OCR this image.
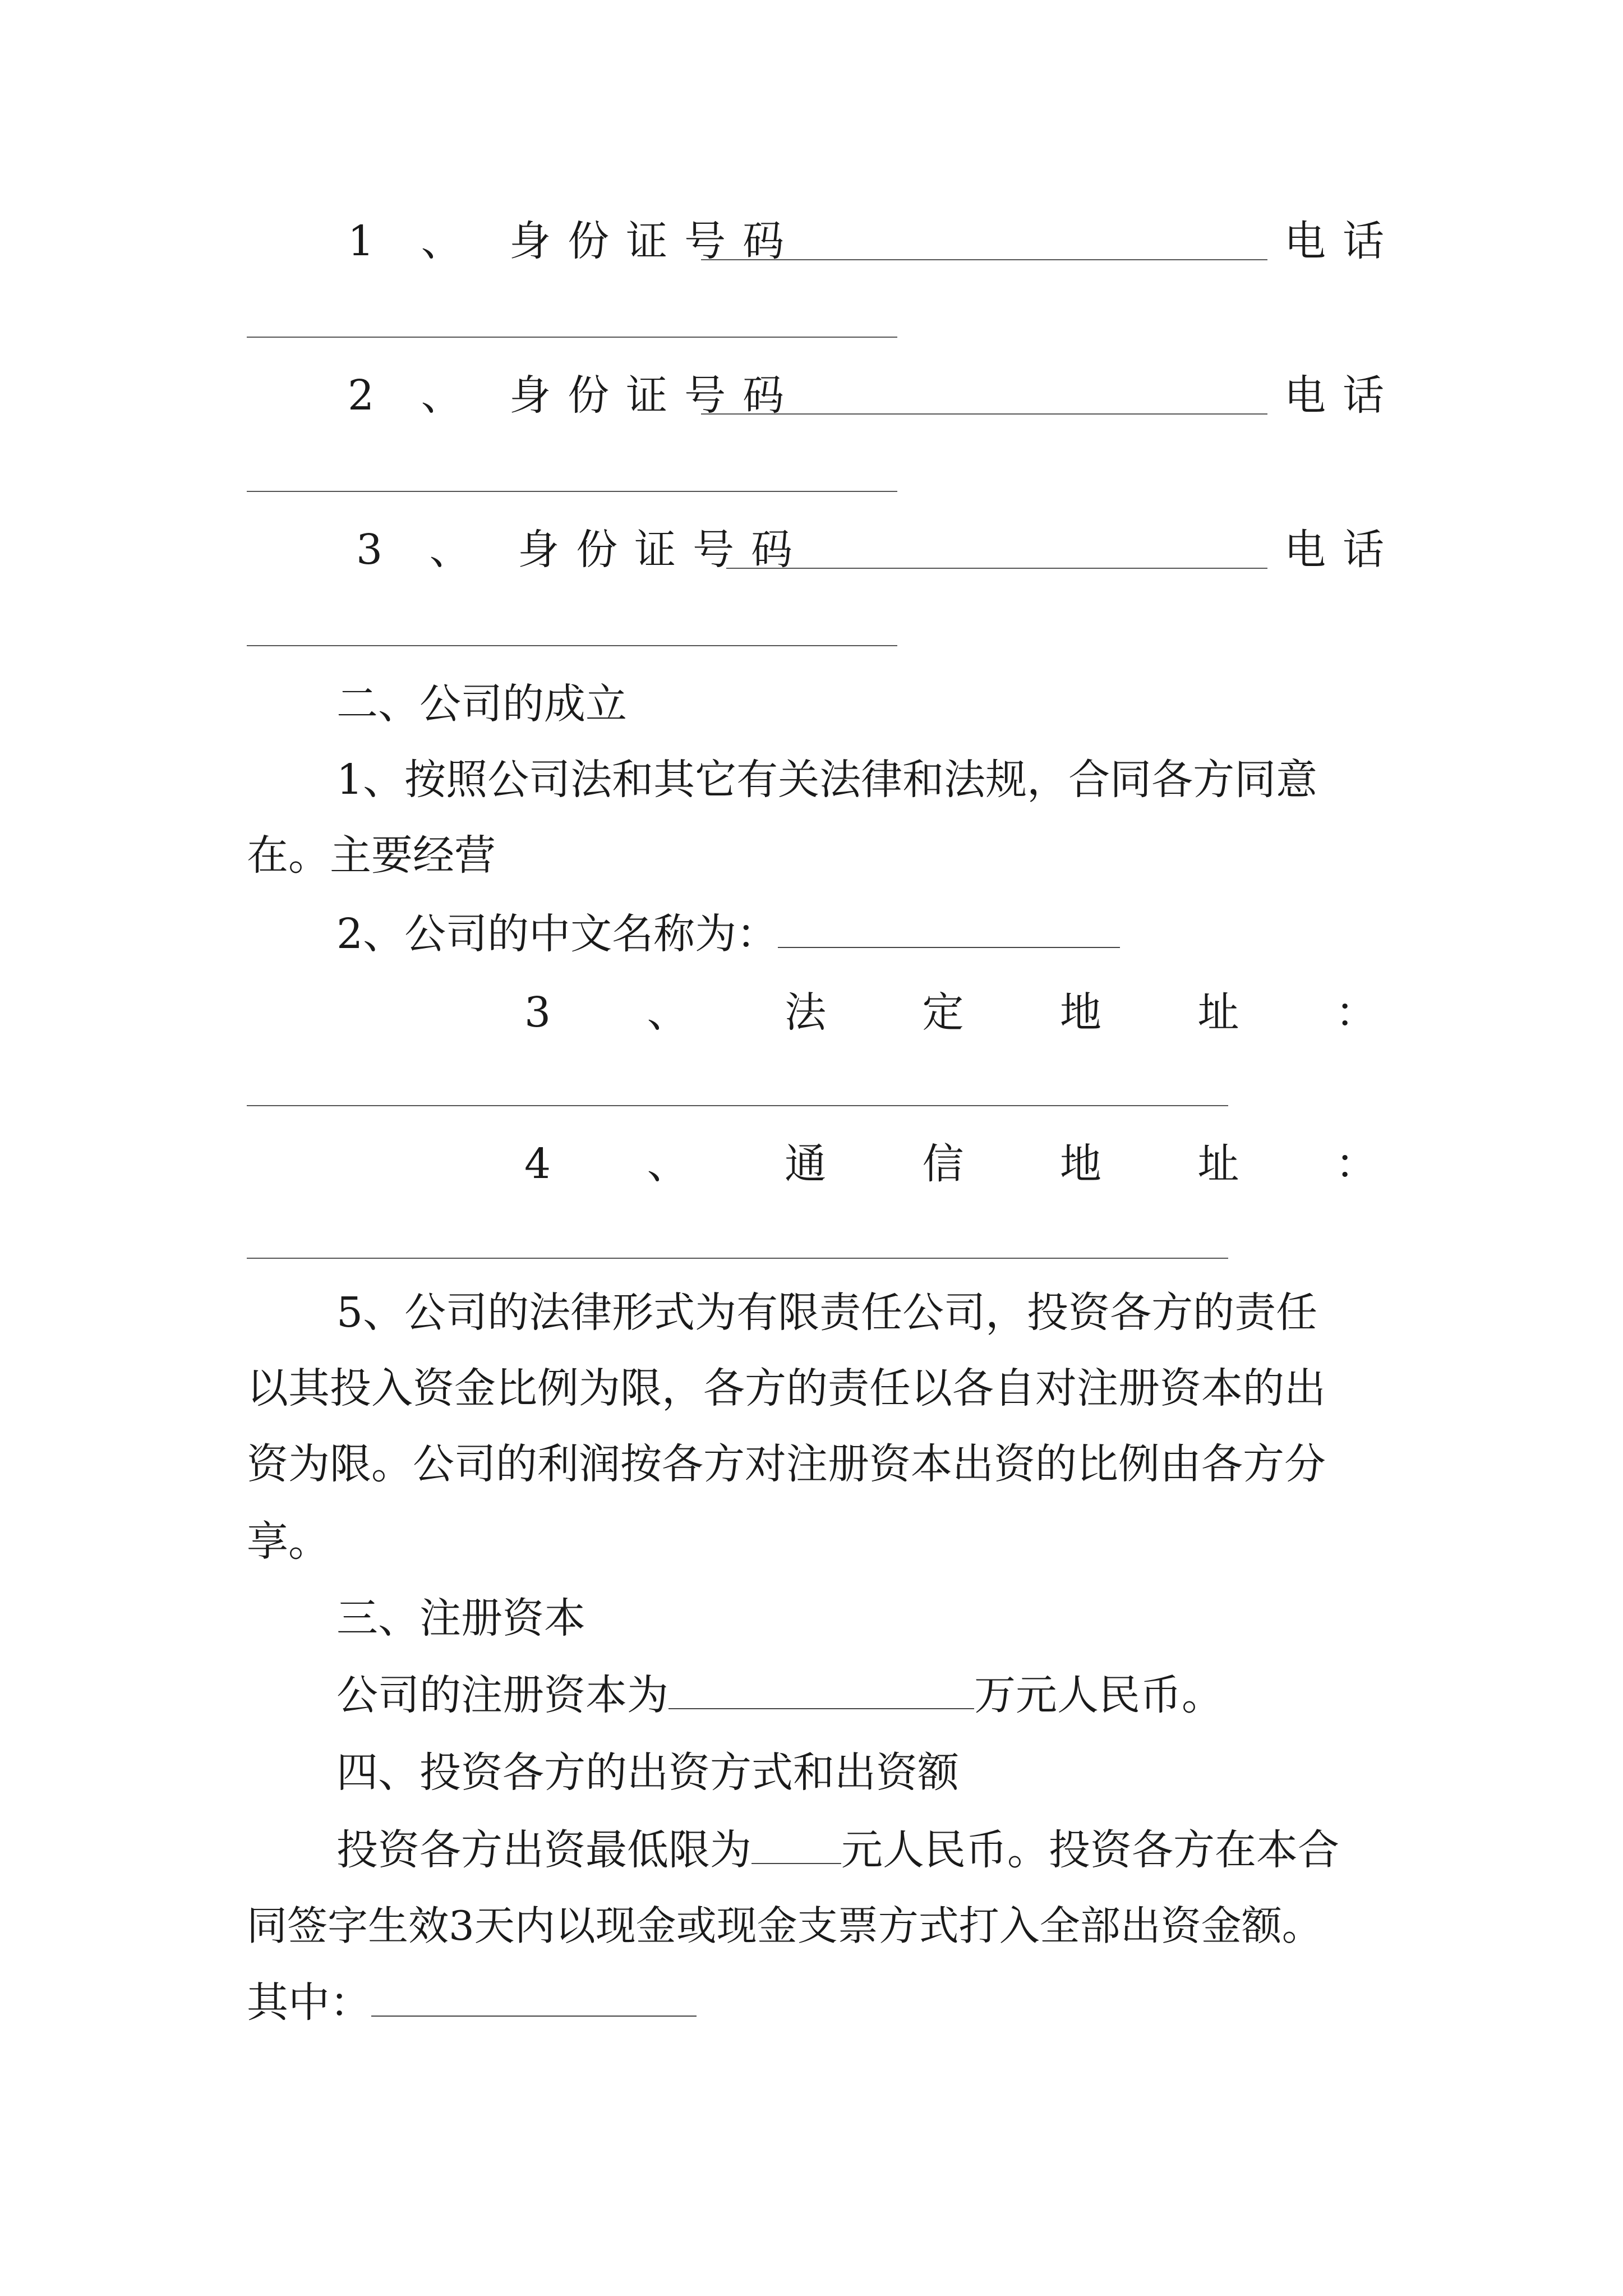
1 、 身份证号码	电话
2 、 身份证号码	电话
3 、 身份证号码	电话
二、公司的成立
1、按照公司法和其它有关法律和法规，合同各方同意
在。主要经营
2、公司的中文名称为：
3 、 法 定 地 址 ：
4 、 通 信 地 址 ：
5、公司的法律形式为有限责任公司，投资各方的责任
以其投入资金比例为限，各方的责任以各自对注册资本的出
资为限。公司的利润按各方对注册资本出资的比例由各方分
享。
三、注册资本
公司的注册资本为	万元人民币。
四、投资各方的出资方式和出资额
投资各方出资最低限为 元人民币。投资各方在本合
同签字生效3天内以现金或现金支票方式打入全部出资金额。
其中：
